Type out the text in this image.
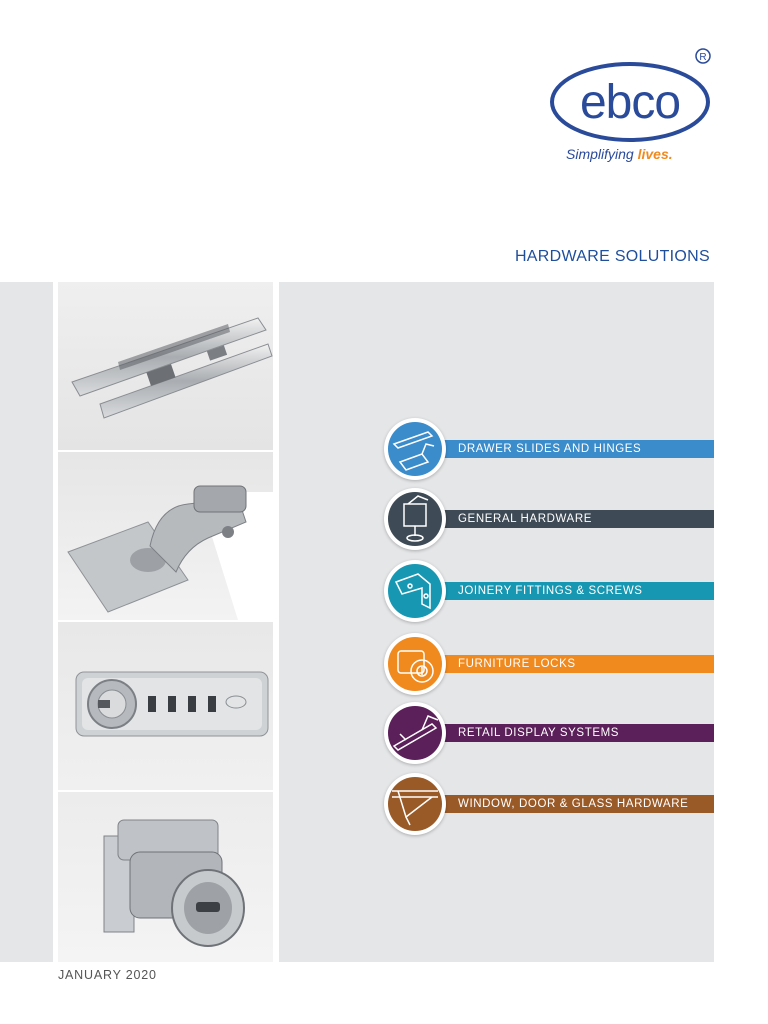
ebco
R
Simplifying lives.
HARDWARE SOLUTIONS
DRAWER SLIDES AND HINGES
GENERAL HARDWARE
JOINERY FITTINGS & SCREWS
FURNITURE LOCKS
RETAIL DISPLAY SYSTEMS
WINDOW, DOOR & GLASS HARDWARE
JANUARY 2020
